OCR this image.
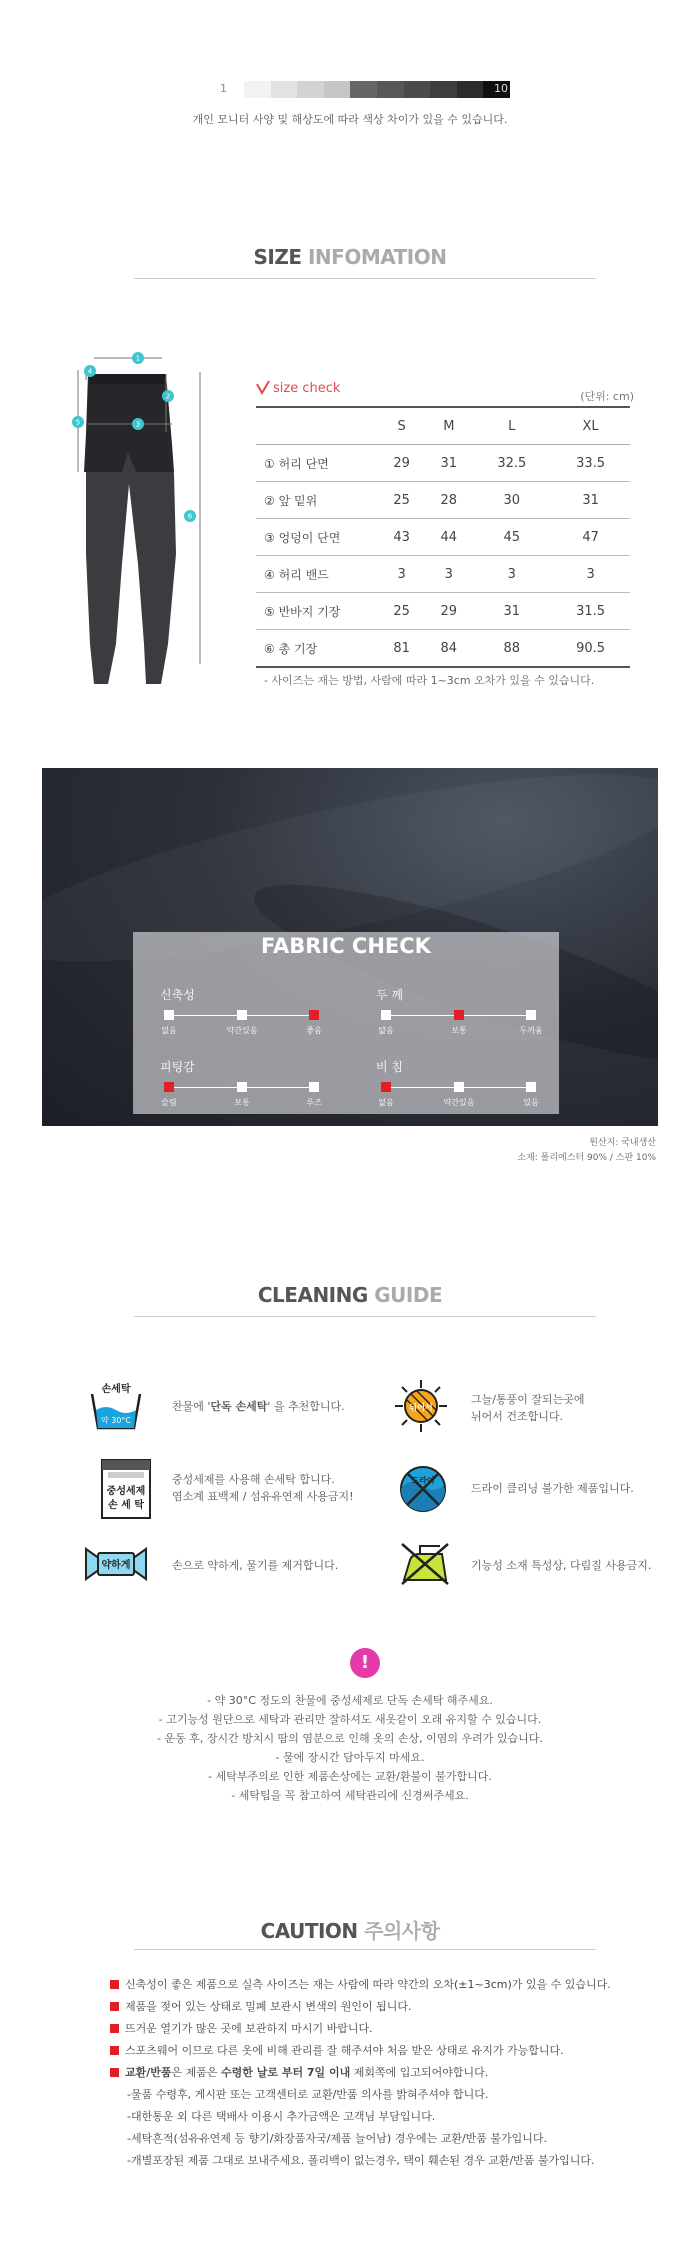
1	10
개인 모니터 사양 및 해상도에 따라 색상 차이가 있을 수 있습니다.
SIZE INFOMATION
1
2
3
4
5
6
size check
(단위: cm)
	S	M	L	XL
① 허리 단면	29	31	32.5	33.5
② 앞 밑위	25	28	30	31
③ 엉덩이 단면	43	44	45	47
④ 허리 밴드	3	3	3	3
⑤ 반바지 기장	25	29	31	31.5
⑥ 총 기장	81	84	88	90.5
- 사이즈는 재는 방법, 사람에 따라 1~3cm 오차가 있을 수 있습니다.
FABRIC CHECK
신축성
없음	약간있음	좋음
두 께
얇음	보통	두꺼움
피팅감
슬림	보통	루즈
비 침
없음	약간있음	있음
원산지: 국내생산
소재: 폴리에스터 90% / 스판 10%
CLEANING GUIDE
손세탁
약 30°C
찬물에 '단독 손세탁' 을 추천합니다.	뉘어서
그늘/통풍이 잘되는곳에
뉘어서 건조합니다.
중성세제
손 세 탁
중성세제를 사용해 손세탁 합니다.
염소계 표백제 / 섬유유연제 사용금지!
드라이
드라이 클리닝 불가한 제품입니다.
약하게	손으로 약하게, 물기를 제거합니다.	기능성 소재 특성상, 다림질 사용금지.
!
- 약 30°C 정도의 찬물에 중성세제로 단독 손세탁 해주세요.
- 고기능성 원단으로 세탁과 관리만 잘하셔도 새옷같이 오래 유지할 수 있습니다.
- 운동 후, 장시간 방치시 땀의 염분으로 인해 옷의 손상, 이염의 우려가 있습니다.
- 물에 장시간 담아두지 마세요.
- 세탁부주의로 인한 제품손상에는 교환/환불이 불가합니다.
- 세탁팁을 꼭 참고하여 세탁관리에 신경써주세요.
CAUTION 주의사항
신축성이 좋은 제품으로 실측 사이즈는 재는 사람에 따라 약간의 오차(±1~3cm)가 있을 수 있습니다.
제품을 젖어 있는 상태로 밀폐 보관시 변색의 원인이 됩니다.
뜨거운 열기가 많은 곳에 보관하지 마시기 바랍니다.
스포츠웨어 이므로 다른 옷에 비해 관리를 잘 해주셔야 처음 받은 상태로 유지가 가능합니다.
교환/반품은 제품은 수령한 날로 부터 7일 이내 제회쪽에 입고되어야합니다.
-물품 수령후, 게시판 또는 고객센터로 교환/반품 의사를 밝혀주셔야 합니다.
-대한통운 외 다른 택배사 이용시 추가금액은 고객님 부담입니다.
-세탁흔적(섬유유연제 등 향기/화장품자국/제품 늘어남) 경우에는 교환/반품 불가입니다.
-개별포장된 제품 그대로 보내주세요. 폴리백이 없는경우, 택이 훼손된 경우 교환/반품 불가입니다.
